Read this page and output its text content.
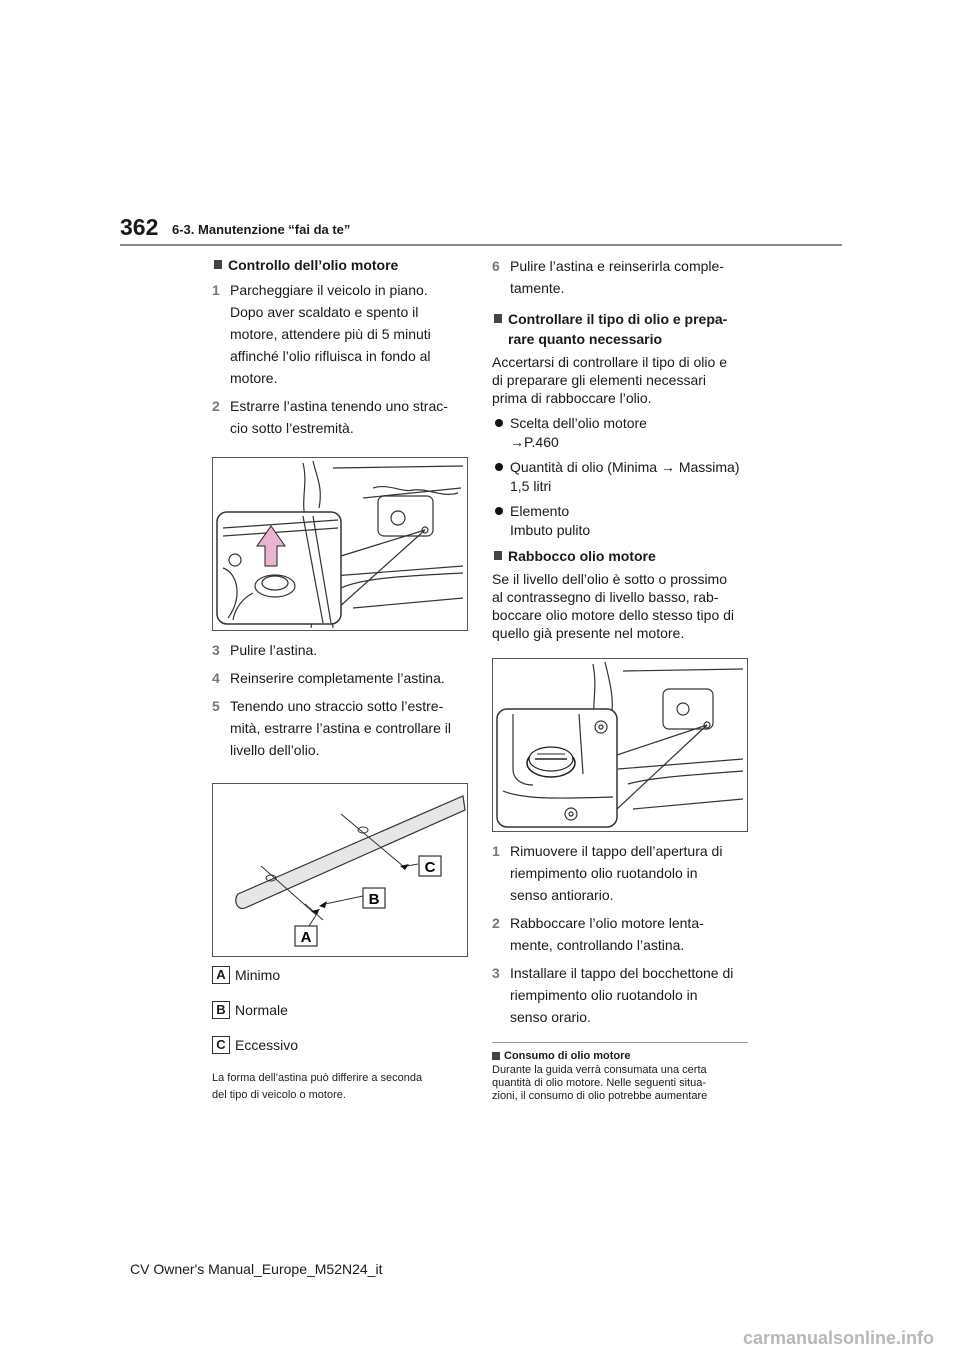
362 6-3. Manutenzione “fai da te”
Controllo dell’olio motore
1 Parcheggiare il veicolo in piano.
Dopo aver scaldato e spento il
motore, attendere più di 5 minuti
affinché l’olio rifluisca in fondo al
motore.
2 Estrarre l’astina tenendo uno strac-
cio sotto l’estremità.
3 Pulire l’astina.
4 Reinserire completamente l’astina.
5 Tenendo uno straccio sotto l’estre-
mità, estrarre l’astina e controllare il
livello dell’olio.
C
B
A
A Minimo
B Normale
C Eccessivo
La forma dell’astina può differire a seconda
del tipo di veicolo o motore.
6 Pulire l’astina e reinserirla comple-
tamente.
Controllare il tipo di olio e prepa-
rare quanto necessario
Accertarsi di controllare il tipo di olio e
di preparare gli elementi necessari
prima di rabboccare l’olio.
Scelta dell’olio motore
→P.460
Quantità di olio (Minima → Massima)
1,5 litri
Elemento
Imbuto pulito
Rabbocco olio motore
Se il livello dell’olio è sotto o prossimo
al contrassegno di livello basso, rab-
boccare olio motore dello stesso tipo di
quello già presente nel motore.
1 Rimuovere il tappo dell’apertura di
riempimento olio ruotandolo in
senso antiorario.
2 Rabboccare l’olio motore lenta-
mente, controllando l’astina.
3 Installare il tappo del bocchettone di
riempimento olio ruotandolo in
senso orario.
Consumo di olio motore
Durante la guida verrà consumata una certa
quantità di olio motore. Nelle seguenti situa-
zioni, il consumo di olio potrebbe aumentare
CV Owner's Manual_Europe_M52N24_it
carmanualsonline.info
